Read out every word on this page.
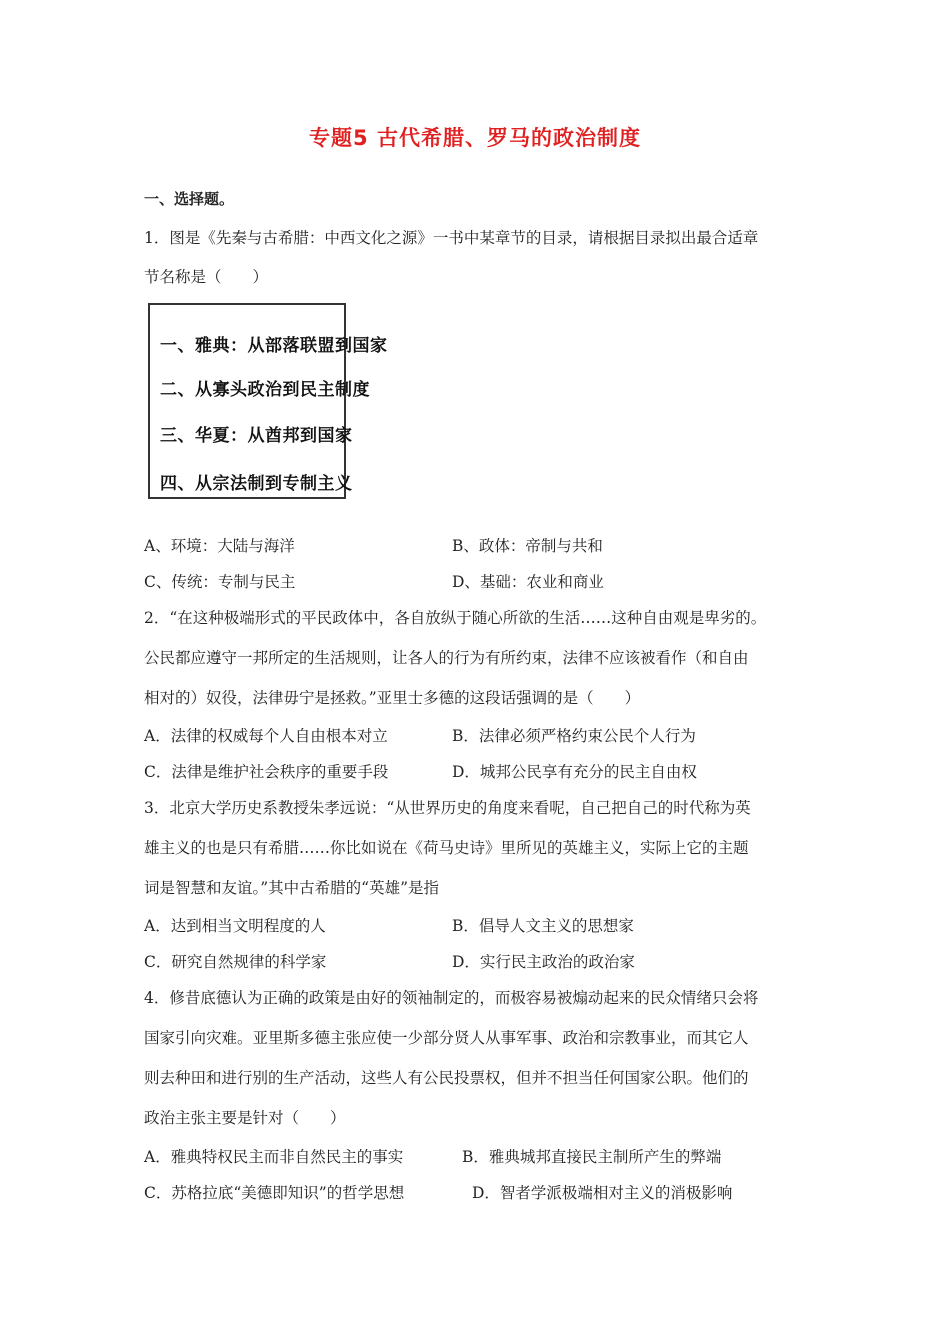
专题5 古代希腊、罗马的政治制度
一、选择题。
1．图是《先秦与古希腊：中西文化之源》一书中某章节的目录，请根据目录拟出最合适章
节名称是（　　）
一、雅典：从部落联盟到国家
二、从寡头政治到民主制度
三、华夏：从酋邦到国家
四、从宗法制到专制主义
A、环境：大陆与海洋	B、政体：帝制与共和
C、传统：专制与民主	D、基础：农业和商业
2．“在这种极端形式的平民政体中，各自放纵于随心所欲的生活……这种自由观是卑劣的。
公民都应遵守一邦所定的生活规则，让各人的行为有所约束，法律不应该被看作（和自由
相对的）奴役，法律毋宁是拯救。”亚里士多德的这段话强调的是（　　）
A．法律的权威每个人自由根本对立	B．法律必须严格约束公民个人行为
C．法律是维护社会秩序的重要手段	D．城邦公民享有充分的民主自由权
3．北京大学历史系教授朱孝远说：“从世界历史的角度来看呢，自己把自己的时代称为英
雄主义的也是只有希腊……你比如说在《荷马史诗》里所见的英雄主义，实际上它的主题
词是智慧和友谊。”其中古希腊的“英雄”是指
A．达到相当文明程度的人	B．倡导人文主义的思想家
C．研究自然规律的科学家	D．实行民主政治的政治家
4．修昔底德认为正确的政策是由好的领袖制定的，而极容易被煽动起来的民众情绪只会将
国家引向灾难。亚里斯多德主张应使一少部分贤人从事军事、政治和宗教事业，而其它人
则去种田和进行别的生产活动，这些人有公民投票权，但并不担当任何国家公职。他们的
政治主张主要是针对（　　）
A．雅典特权民主而非自然民主的事实	B．雅典城邦直接民主制所产生的弊端
C．苏格拉底“美德即知识”的哲学思想	D．智者学派极端相对主义的消极影响
